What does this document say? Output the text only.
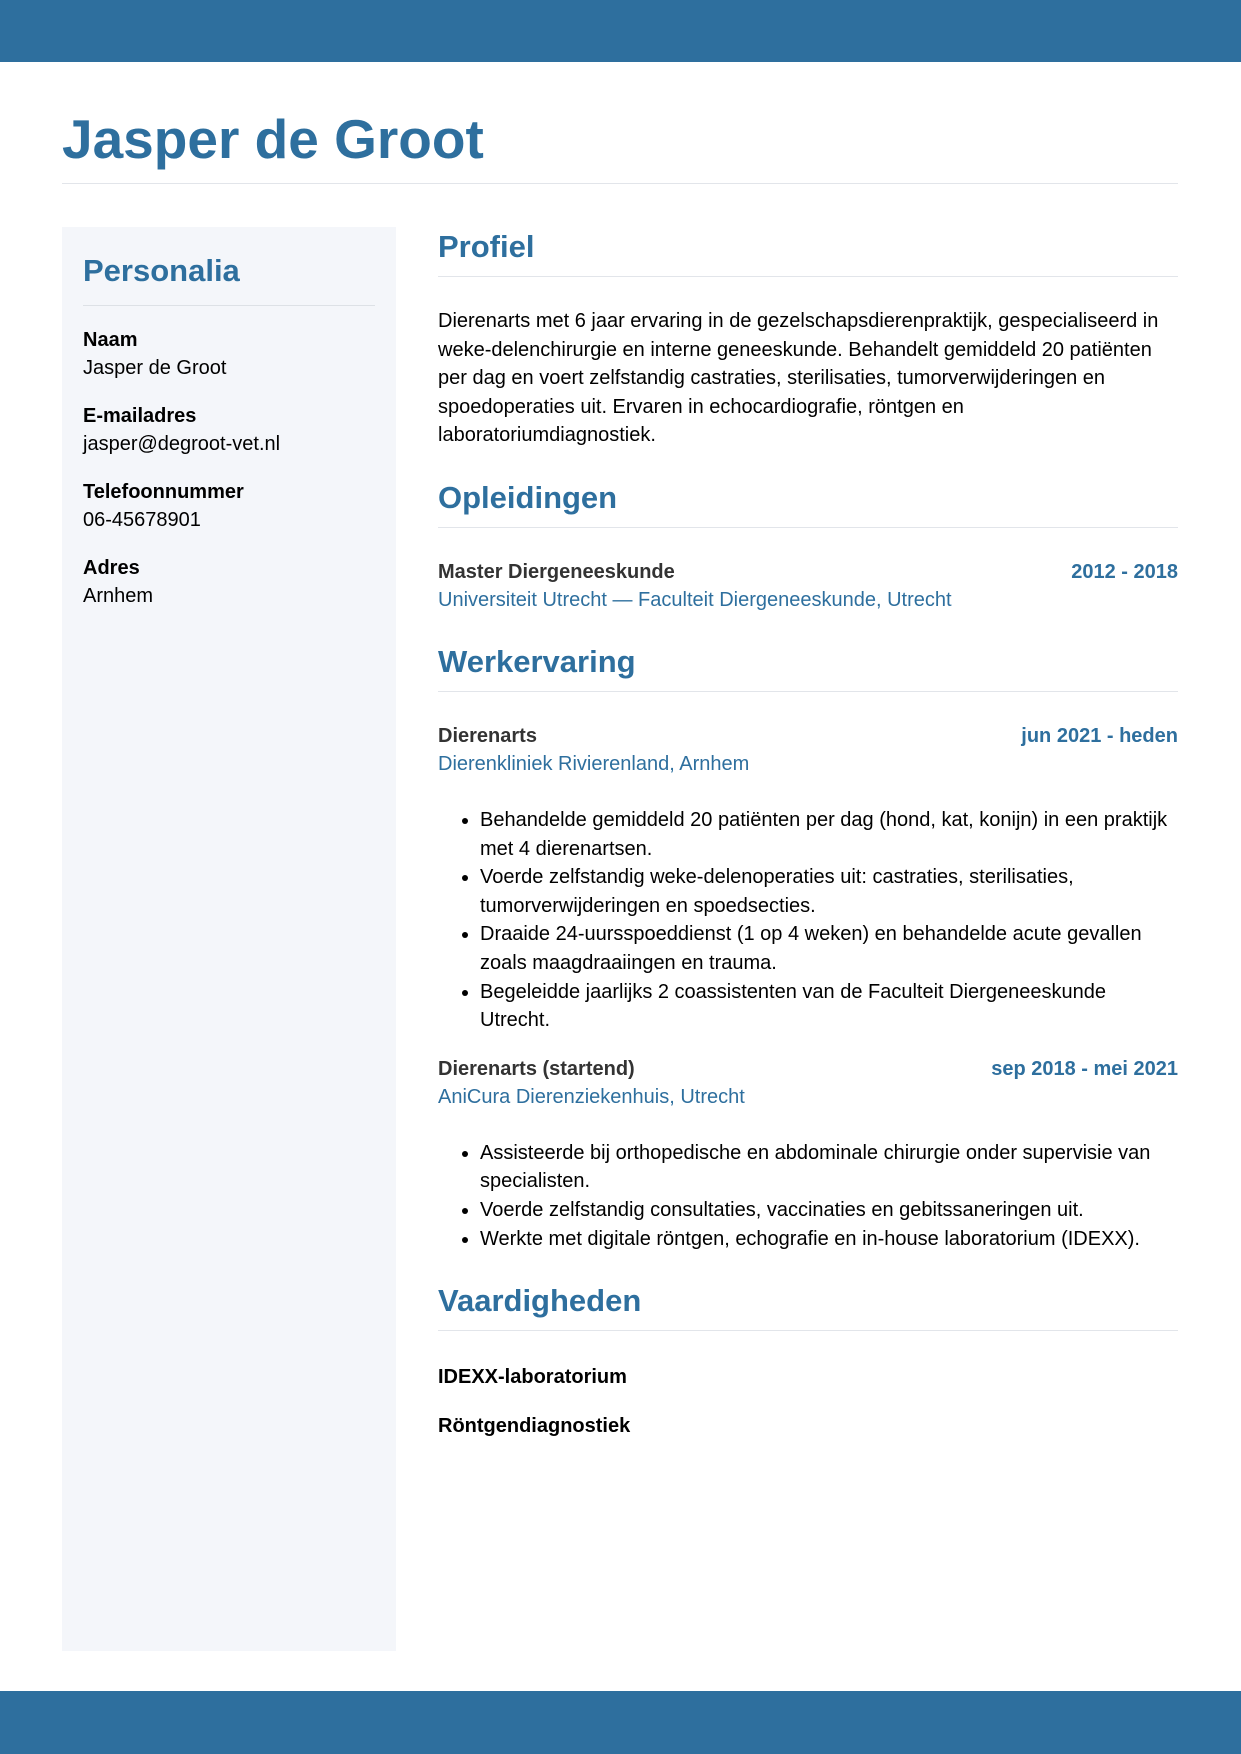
Jasper de Groot
Personalia
Naam
Jasper de Groot
E-mailadres
jasper@degroot-vet.nl
Telefoonnummer
06-45678901
Adres
Arnhem
Profiel

Dierenarts met 6 jaar ervaring in de gezelschapsdierenpraktijk, gespecialiseerd in weke-delenchirurgie en interne geneeskunde. Behandelt gemiddeld 20 patiënten per dag en voert zelfstandig castraties, sterilisaties, tumorverwijderingen en spoedoperaties uit. Ervaren in echocardiografie, röntgen en laboratoriumdiagnostiek.

Opleidingen
Master Diergeneeskunde	2012 - 2018
Universiteit Utrecht — Faculteit Diergeneeskunde, Utrecht
Werkervaring
Dierenarts	jun 2021 - heden
Dierenkliniek Rivierenland, Arnhem
• Behandelde gemiddeld 20 patiënten per dag (hond, kat, konijn) in een praktijk met 4 dierenartsen.
• Voerde zelfstandig weke-delenoperaties uit: castraties, sterilisaties, tumorverwijderingen en spoedsecties.
• Draaide 24-uursspoeddienst (1 op 4 weken) en behandelde acute gevallen zoals maagdraaiingen en trauma.
• Begeleidde jaarlijks 2 coassistenten van de Faculteit Diergeneeskunde Utrecht.
Dierenarts (startend)	sep 2018 - mei 2021
AniCura Dierenziekenhuis, Utrecht
• Assisteerde bij orthopedische en abdominale chirurgie onder supervisie van specialisten.
• Voerde zelfstandig consultaties, vaccinaties en gebitssaneringen uit.
• Werkte met digitale röntgen, echografie en in-house laboratorium (IDEXX).
Vaardigheden
IDEXX-laboratorium
Röntgendiagnostiek
